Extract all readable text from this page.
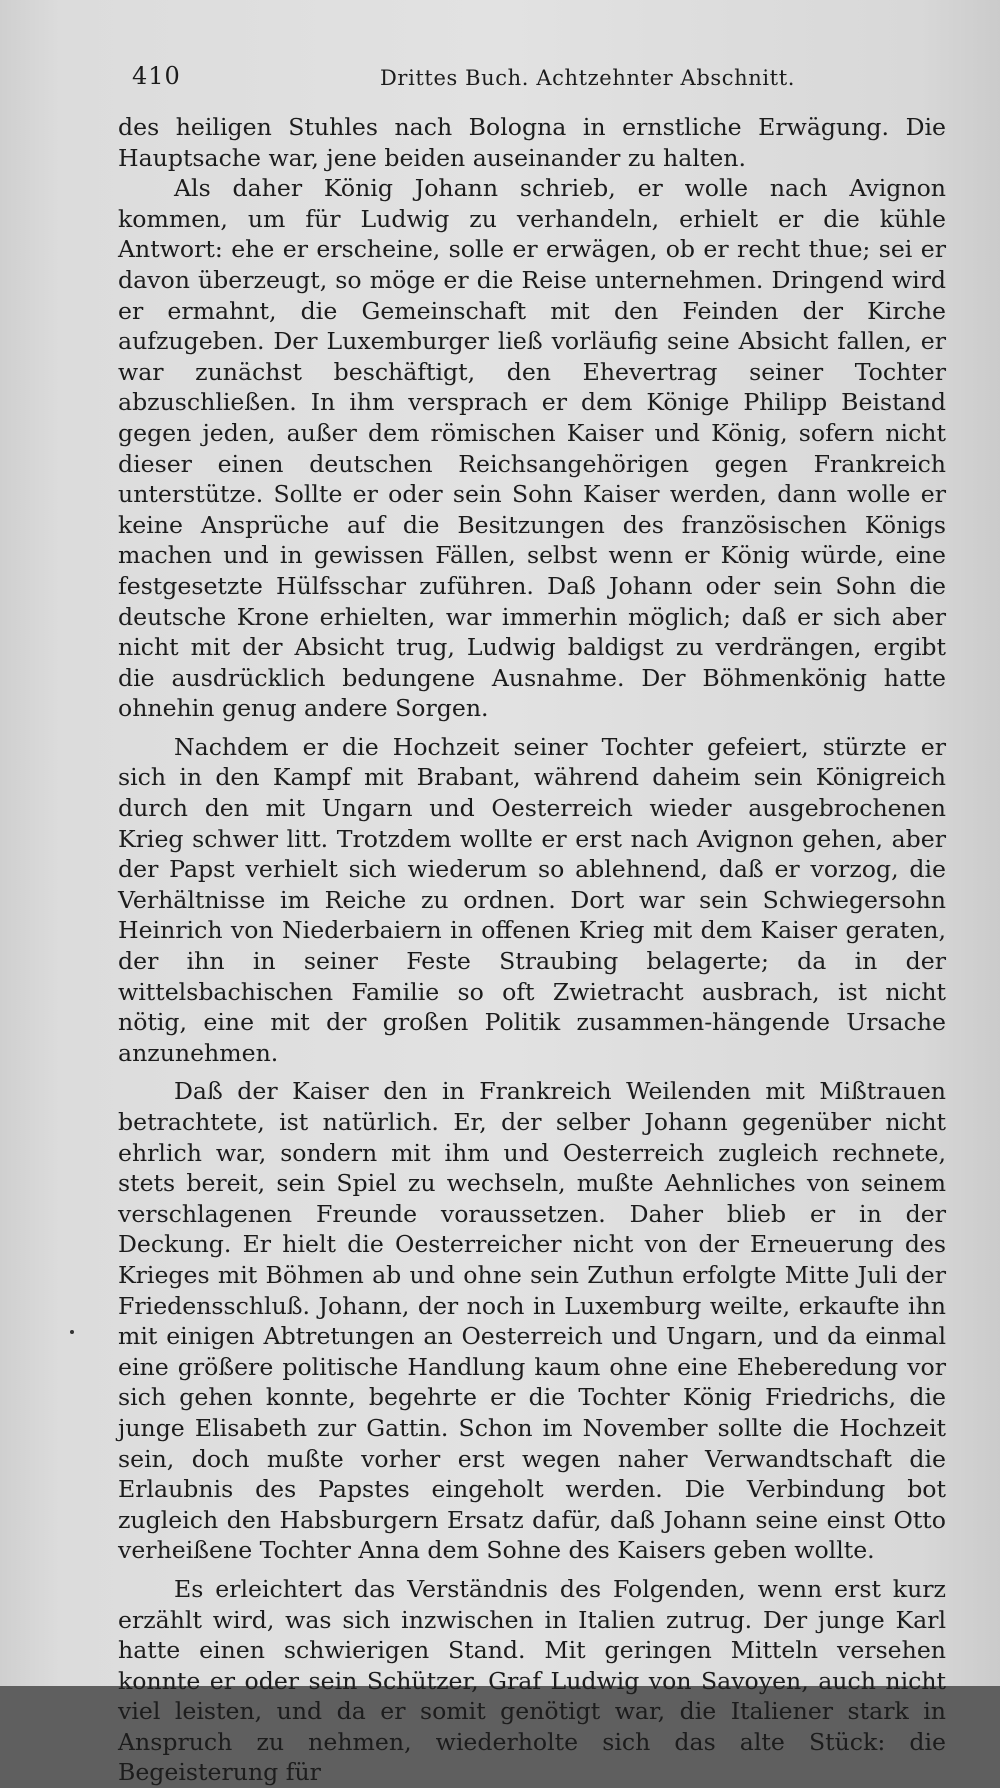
410	Drittes Buch. Achtzehnter Abschnitt.

des heiligen Stuhles nach Bologna in ernstliche Erwägung. Die Hauptsache war, jene beiden auseinander zu halten.

Als daher König Johann schrieb, er wolle nach Avignon kommen, um für Ludwig zu verhandeln, erhielt er die kühle Antwort: ehe er erscheine, solle er erwägen, ob er recht thue; sei er davon überzeugt, so möge er die Reise unternehmen. Dringend wird er ermahnt, die Gemeinschaft mit den Feinden der Kirche aufzugeben. Der Luxemburger ließ vorläufig seine Absicht fallen, er war zunächst beschäftigt, den Ehevertrag seiner Tochter abzuschließen. In ihm versprach er dem Könige Philipp Beistand gegen jeden, außer dem römischen Kaiser und König, sofern nicht dieser einen deutschen Reichsangehörigen gegen Frankreich unterstütze. Sollte er oder sein Sohn Kaiser werden, dann wolle er keine Ansprüche auf die Besitzungen des französischen Königs machen und in gewissen Fällen, selbst wenn er König würde, eine festgesetzte Hülfsschar zuführen. Daß Johann oder sein Sohn die deutsche Krone erhielten, war immerhin möglich; daß er sich aber nicht mit der Absicht trug, Ludwig baldigst zu verdrängen, ergibt die ausdrücklich bedungene Ausnahme. Der Böhmenkönig hatte ohnehin genug andere Sorgen.

Nachdem er die Hochzeit seiner Tochter gefeiert, stürzte er sich in den Kampf mit Brabant, während daheim sein Königreich durch den mit Ungarn und Oesterreich wieder ausgebrochenen Krieg schwer litt. Trotzdem wollte er erst nach Avignon gehen, aber der Papst verhielt sich wiederum so ablehnend, daß er vorzog, die Verhältnisse im Reiche zu ordnen. Dort war sein Schwiegersohn Heinrich von Niederbaiern in offenen Krieg mit dem Kaiser geraten, der ihn in seiner Feste Straubing belagerte; da in der wittelsbachischen Familie so oft Zwietracht ausbrach, ist nicht nötig, eine mit der großen Politik zusammen-hängende Ursache anzunehmen.

Daß der Kaiser den in Frankreich Weilenden mit Mißtrauen betrachtete, ist natürlich. Er, der selber Johann gegenüber nicht ehrlich war, sondern mit ihm und Oesterreich zugleich rechnete, stets bereit, sein Spiel zu wechseln, mußte Aehnliches von seinem verschlagenen Freunde voraussetzen. Daher blieb er in der Deckung. Er hielt die Oesterreicher nicht von der Erneuerung des Krieges mit Böhmen ab und ohne sein Zuthun erfolgte Mitte Juli der Friedensschluß. Johann, der noch in Luxemburg weilte, erkaufte ihn mit einigen Abtretungen an Oesterreich und Ungarn, und da einmal eine größere politische Handlung kaum ohne eine Eheberedung vor sich gehen konnte, begehrte er die Tochter König Friedrichs, die junge Elisabeth zur Gattin. Schon im November sollte die Hochzeit sein, doch mußte vorher erst wegen naher Verwandtschaft die Erlaubnis des Papstes eingeholt werden. Die Verbindung bot zugleich den Habsburgern Ersatz dafür, daß Johann seine einst Otto verheißene Tochter Anna dem Sohne des Kaisers geben wollte.

Es erleichtert das Verständnis des Folgenden, wenn erst kurz erzählt wird, was sich inzwischen in Italien zutrug. Der junge Karl hatte einen schwierigen Stand. Mit geringen Mitteln versehen konnte er oder sein Schützer, Graf Ludwig von Savoyen, auch nicht viel leisten, und da er somit genötigt war, die Italiener stark in Anspruch zu nehmen, wiederholte sich das alte Stück: die Begeisterung für
